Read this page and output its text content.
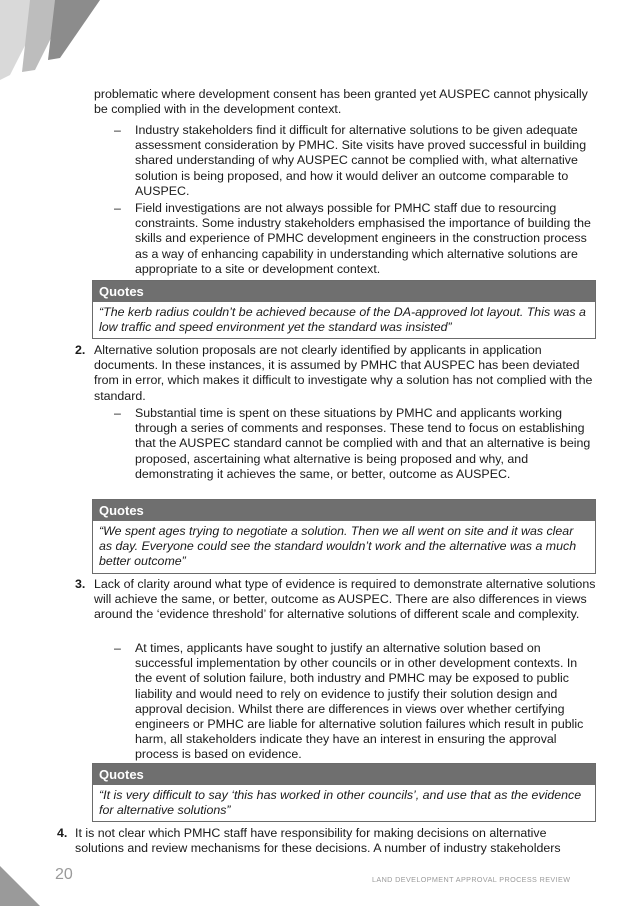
problematic where development consent has been granted yet AUSPEC cannot physically be complied with in the development context.

– Industry stakeholders find it difficult for alternative solutions to be given adequate assessment consideration by PMHC. Site visits have proved successful in building shared understanding of why AUSPEC cannot be complied with, what alternative solution is being proposed, and how it would deliver an outcome comparable to AUSPEC.

– Field investigations are not always possible for PMHC staff due to resourcing constraints. Some industry stakeholders emphasised the importance of building the skills and experience of PMHC development engineers in the construction process as a way of enhancing capability in understanding which alternative solutions are appropriate to a site or development context.

Quotes
“The kerb radius couldn’t be achieved because of the DA-approved lot layout. This was a low traffic and speed environment yet the standard was insisted”
2. Alternative solution proposals are not clearly identified by applicants in application documents. In these instances, it is assumed by PMHC that AUSPEC has been deviated from in error, which makes it difficult to investigate why a solution has not complied with the standard.

– Substantial time is spent on these situations by PMHC and applicants working through a series of comments and responses. These tend to focus on establishing that the AUSPEC standard cannot be complied with and that an alternative is being proposed, ascertaining what alternative is being proposed and why, and demonstrating it achieves the same, or better, outcome as AUSPEC.

Quotes
“We spent ages trying to negotiate a solution. Then we all went on site and it was clear as day. Everyone could see the standard wouldn’t work and the alternative was a much better outcome”
3. Lack of clarity around what type of evidence is required to demonstrate alternative solutions will achieve the same, or better, outcome as AUSPEC. There are also differences in views around the ‘evidence threshold’ for alternative solutions of different scale and complexity.

– At times, applicants have sought to justify an alternative solution based on successful implementation by other councils or in other development contexts. In the event of solution failure, both industry and PMHC may be exposed to public liability and would need to rely on evidence to justify their solution design and approval decision. Whilst there are differences in views over whether certifying engineers or PMHC are liable for alternative solution failures which result in public harm, all stakeholders indicate they have an interest in ensuring the approval process is based on evidence.

Quotes
“It is very difficult to say ‘this has worked in other councils’, and use that as the evidence for alternative solutions”
4. It is not clear which PMHC staff have responsibility for making decisions on alternative solutions and review mechanisms for these decisions. A number of industry stakeholders

20	LAND DEVELOPMENT APPROVAL PROCESS REVIEW
